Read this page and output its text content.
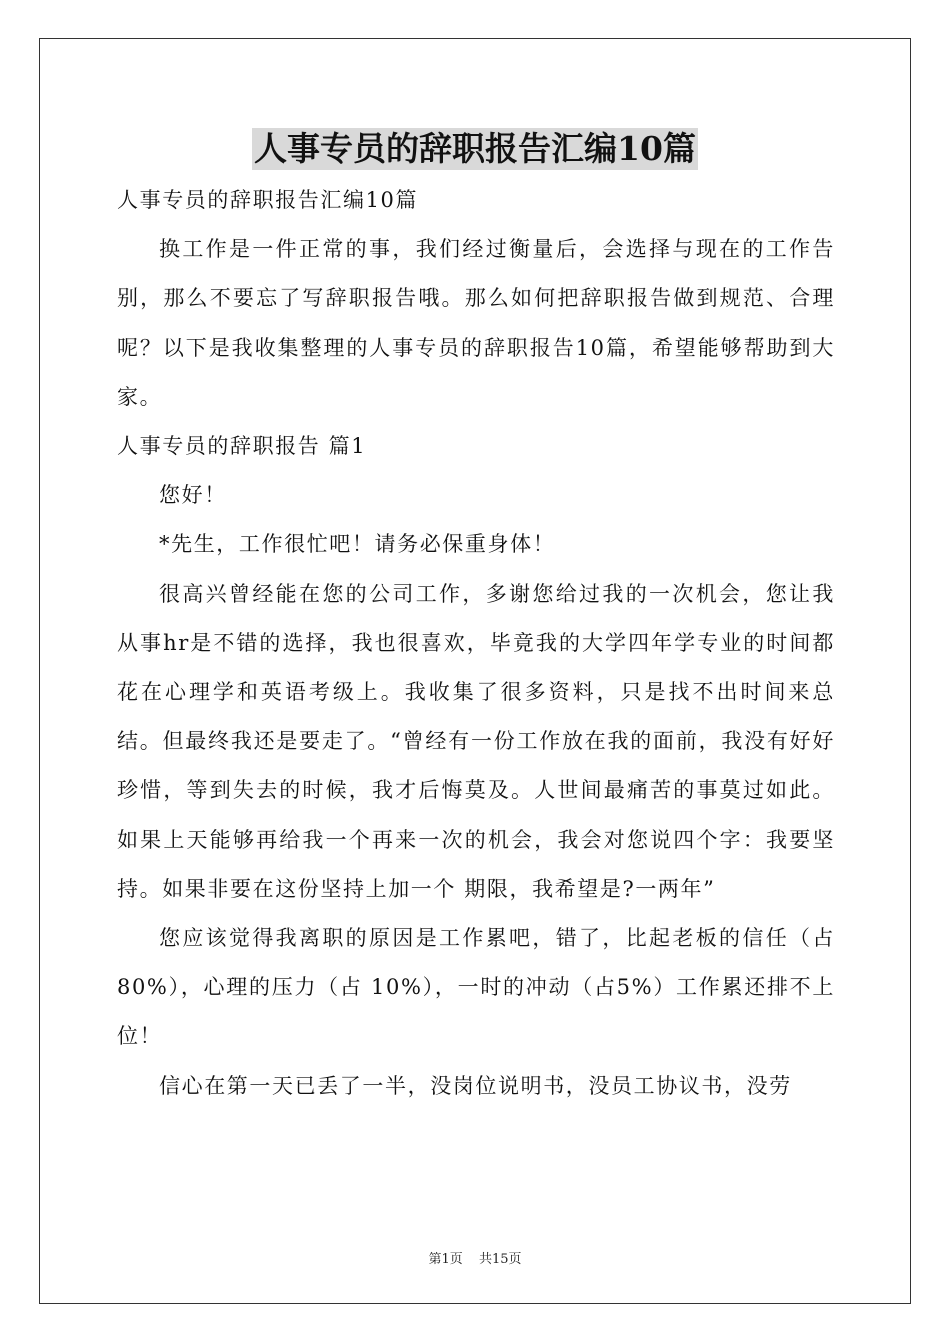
人事专员的辞职报告汇编10篇

人事专员的辞职报告汇编10篇

换工作是一件正常的事，我们经过衡量后，会选择与现在的工作告别，那么不要忘了写辞职报告哦。那么如何把辞职报告做到规范、合理呢？以下是我收集整理的人事专员的辞职报告10篇，希望能够帮助到大家。

人事专员的辞职报告 篇1

您好！

*先生，工作很忙吧！请务必保重身体！

很高兴曾经能在您的公司工作，多谢您给过我的一次机会，您让我从事hr是不错的选择，我也很喜欢，毕竟我的大学四年学专业的时间都花在心理学和英语考级上。我收集了很多资料，只是找不出时间来总结。但最终我还是要走了。“曾经有一份工作放在我的面前，我没有好好珍惜，等到失去的时候，我才后悔莫及。人世间最痛苦的事莫过如此。如果上天能够再给我一个再来一次的机会，我会对您说四个字：我要坚持。如果非要在这份坚持上加一个 期限，我希望是?一两年”

您应该觉得我离职的原因是工作累吧，错了，比起老板的信任（占80%），心理的压力（占 10%），一时的冲动（占5%）工作累还排不上位！

信心在第一天已丢了一半，没岗位说明书，没员工协议书，没劳

第1页 共15页
